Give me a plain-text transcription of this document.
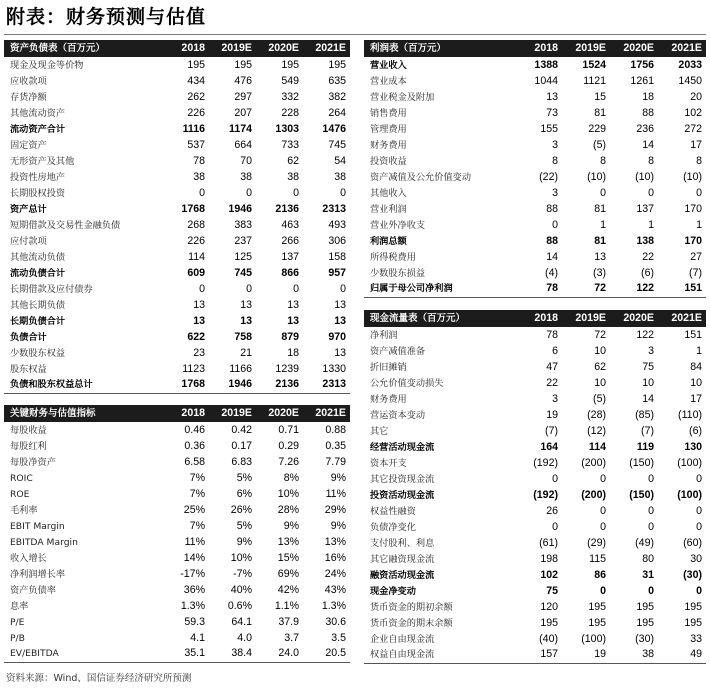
附表：财务预测与估值
资产负债表（百万元）	2018	2019E	2020E	2021E
现金及现金等价物	195	195	195	195
应收款项	434	476	549	635
存货净额	262	297	332	382
其他流动资产	226	207	228	264
流动资产合计	1116	1174	1303	1476
固定资产	537	664	733	745
无形资产及其他	78	70	62	54
投资性房地产	38	38	38	38
长期股权投资	0	0	0	0
资产总计	1768	1946	2136	2313
短期借款及交易性金融负债	268	383	463	493
应付款项	226	237	266	306
其他流动负债	114	125	137	158
流动负债合计	609	745	866	957
长期借款及应付债券	0	0	0	0
其他长期负债	13	13	13	13
长期负债合计	13	13	13	13
负债合计	622	758	879	970
少数股东权益	23	21	18	13
股东权益	1123	1166	1239	1330
负债和股东权益总计	1768	1946	2136	2313
关键财务与估值指标	2018	2019E	2020E	2021E
每股收益	0.46	0.42	0.71	0.88
每股红利	0.36	0.17	0.29	0.35
每股净资产	6.58	6.83	7.26	7.79
ROIC	7%	5%	8%	9%
ROE	7%	6%	10%	11%
毛利率	25%	26%	28%	29%
EBIT Margin	7%	5%	9%	9%
EBITDA Margin	11%	9%	13%	13%
收入增长	14%	10%	15%	16%
净利润增长率	-17%	-7%	69%	24%
资产负债率	36%	40%	42%	43%
息率	1.3%	0.6%	1.1%	1.3%
P/E	59.3	64.1	37.9	30.6
P/B	4.1	4.0	3.7	3.5
EV/EBITDA	35.1	38.4	24.0	20.5
利润表（百万元）	2018	2019E	2020E	2021E
营业收入	1388	1524	1756	2033
营业成本	1044	1121	1261	1450
营业税金及附加	13	15	18	20
销售费用	73	81	88	102
管理费用	155	229	236	272
财务费用	3	(5)	14	17
投资收益	8	8	8	8
资产减值及公允价值变动	(22)	(10)	(10)	(10)
其他收入	3	0	0	0
营业利润	88	81	137	170
营业外净收支	0	1	1	1
利润总额	88	81	138	170
所得税费用	14	13	22	27
少数股东损益	(4)	(3)	(6)	(7)
归属于母公司净利润	78	72	122	151
现金流量表（百万元）	2018	2019E	2020E	2021E
净利润	78	72	122	151
资产减值准备	6	10	3	1
折旧摊销	47	62	75	84
公允价值变动损失	22	10	10	10
财务费用	3	(5)	14	17
营运资本变动	19	(28)	(85)	(110)
其它	(7)	(12)	(7)	(6)
经营活动现金流	164	114	119	130
资本开支	(192)	(200)	(150)	(100)
其它投资现金流	0	0	0	0
投资活动现金流	(192)	(200)	(150)	(100)
权益性融资	26	0	0	0
负债净变化	0	0	0	0
支付股利、利息	(61)	(29)	(49)	(60)
其它融资现金流	198	115	80	30
融资活动现金流	102	86	31	(30)
现金净变动	75	0	0	0
货币资金的期初余额	120	195	195	195
货币资金的期末余额	195	195	195	195
企业自由现金流	(40)	(100)	(30)	33
权益自由现金流	157	19	38	49
资料来源：Wind、国信证券经济研究所预测
